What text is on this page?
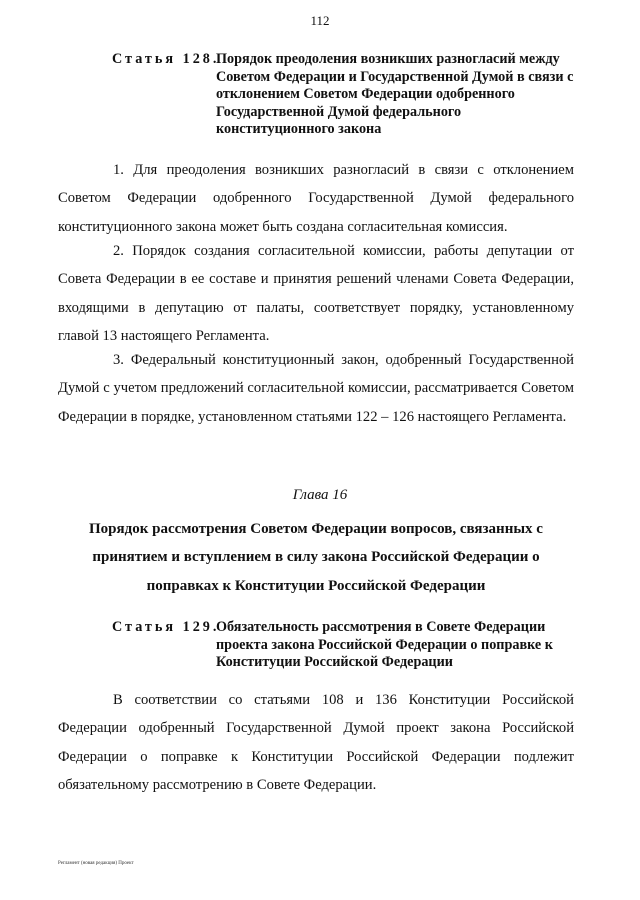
112
Статья 128.
Порядок преодоления возникших разногласий между Советом Федерации и Государственной Думой в связи с отклонением Советом Федерации одобренного Государственной Думой федерального конституционного закона

1. Для преодоления возникших разногласий в связи с отклонением Советом Федерации одобренного Государственной Думой федерального конституционного закона может быть создана согласительная комиссия.

2. Порядок создания согласительной комиссии, работы депутации от Совета Федерации в ее составе и принятия решений членами Совета Федерации, входящими в депутацию от палаты, соответствует порядку, установленному главой 13 настоящего Регламента.

3. Федеральный конституционный закон, одобренный Государственной Думой с учетом предложений согласительной комиссии, рассматривается Советом Федерации в порядке, установленном статьями 122 – 126 настоящего Регламента.

Глава 16

Порядок рассмотрения Советом Федерации вопросов, связанных с принятием и вступлением в силу закона Российской Федерации о поправках к Конституции Российской Федерации

Статья 129.
Обязательность рассмотрения в Совете Федерации проекта закона Российской Федерации о поправке к Конституции Российской Федерации

В соответствии со статьями 108 и 136 Конституции Российской Федерации одобренный Государственной Думой проект закона Российской Федерации о поправке к Конституции Российской Федерации подлежит обязательному рассмотрению в Совете Федерации.

Регламент (новая редакция) Проект
